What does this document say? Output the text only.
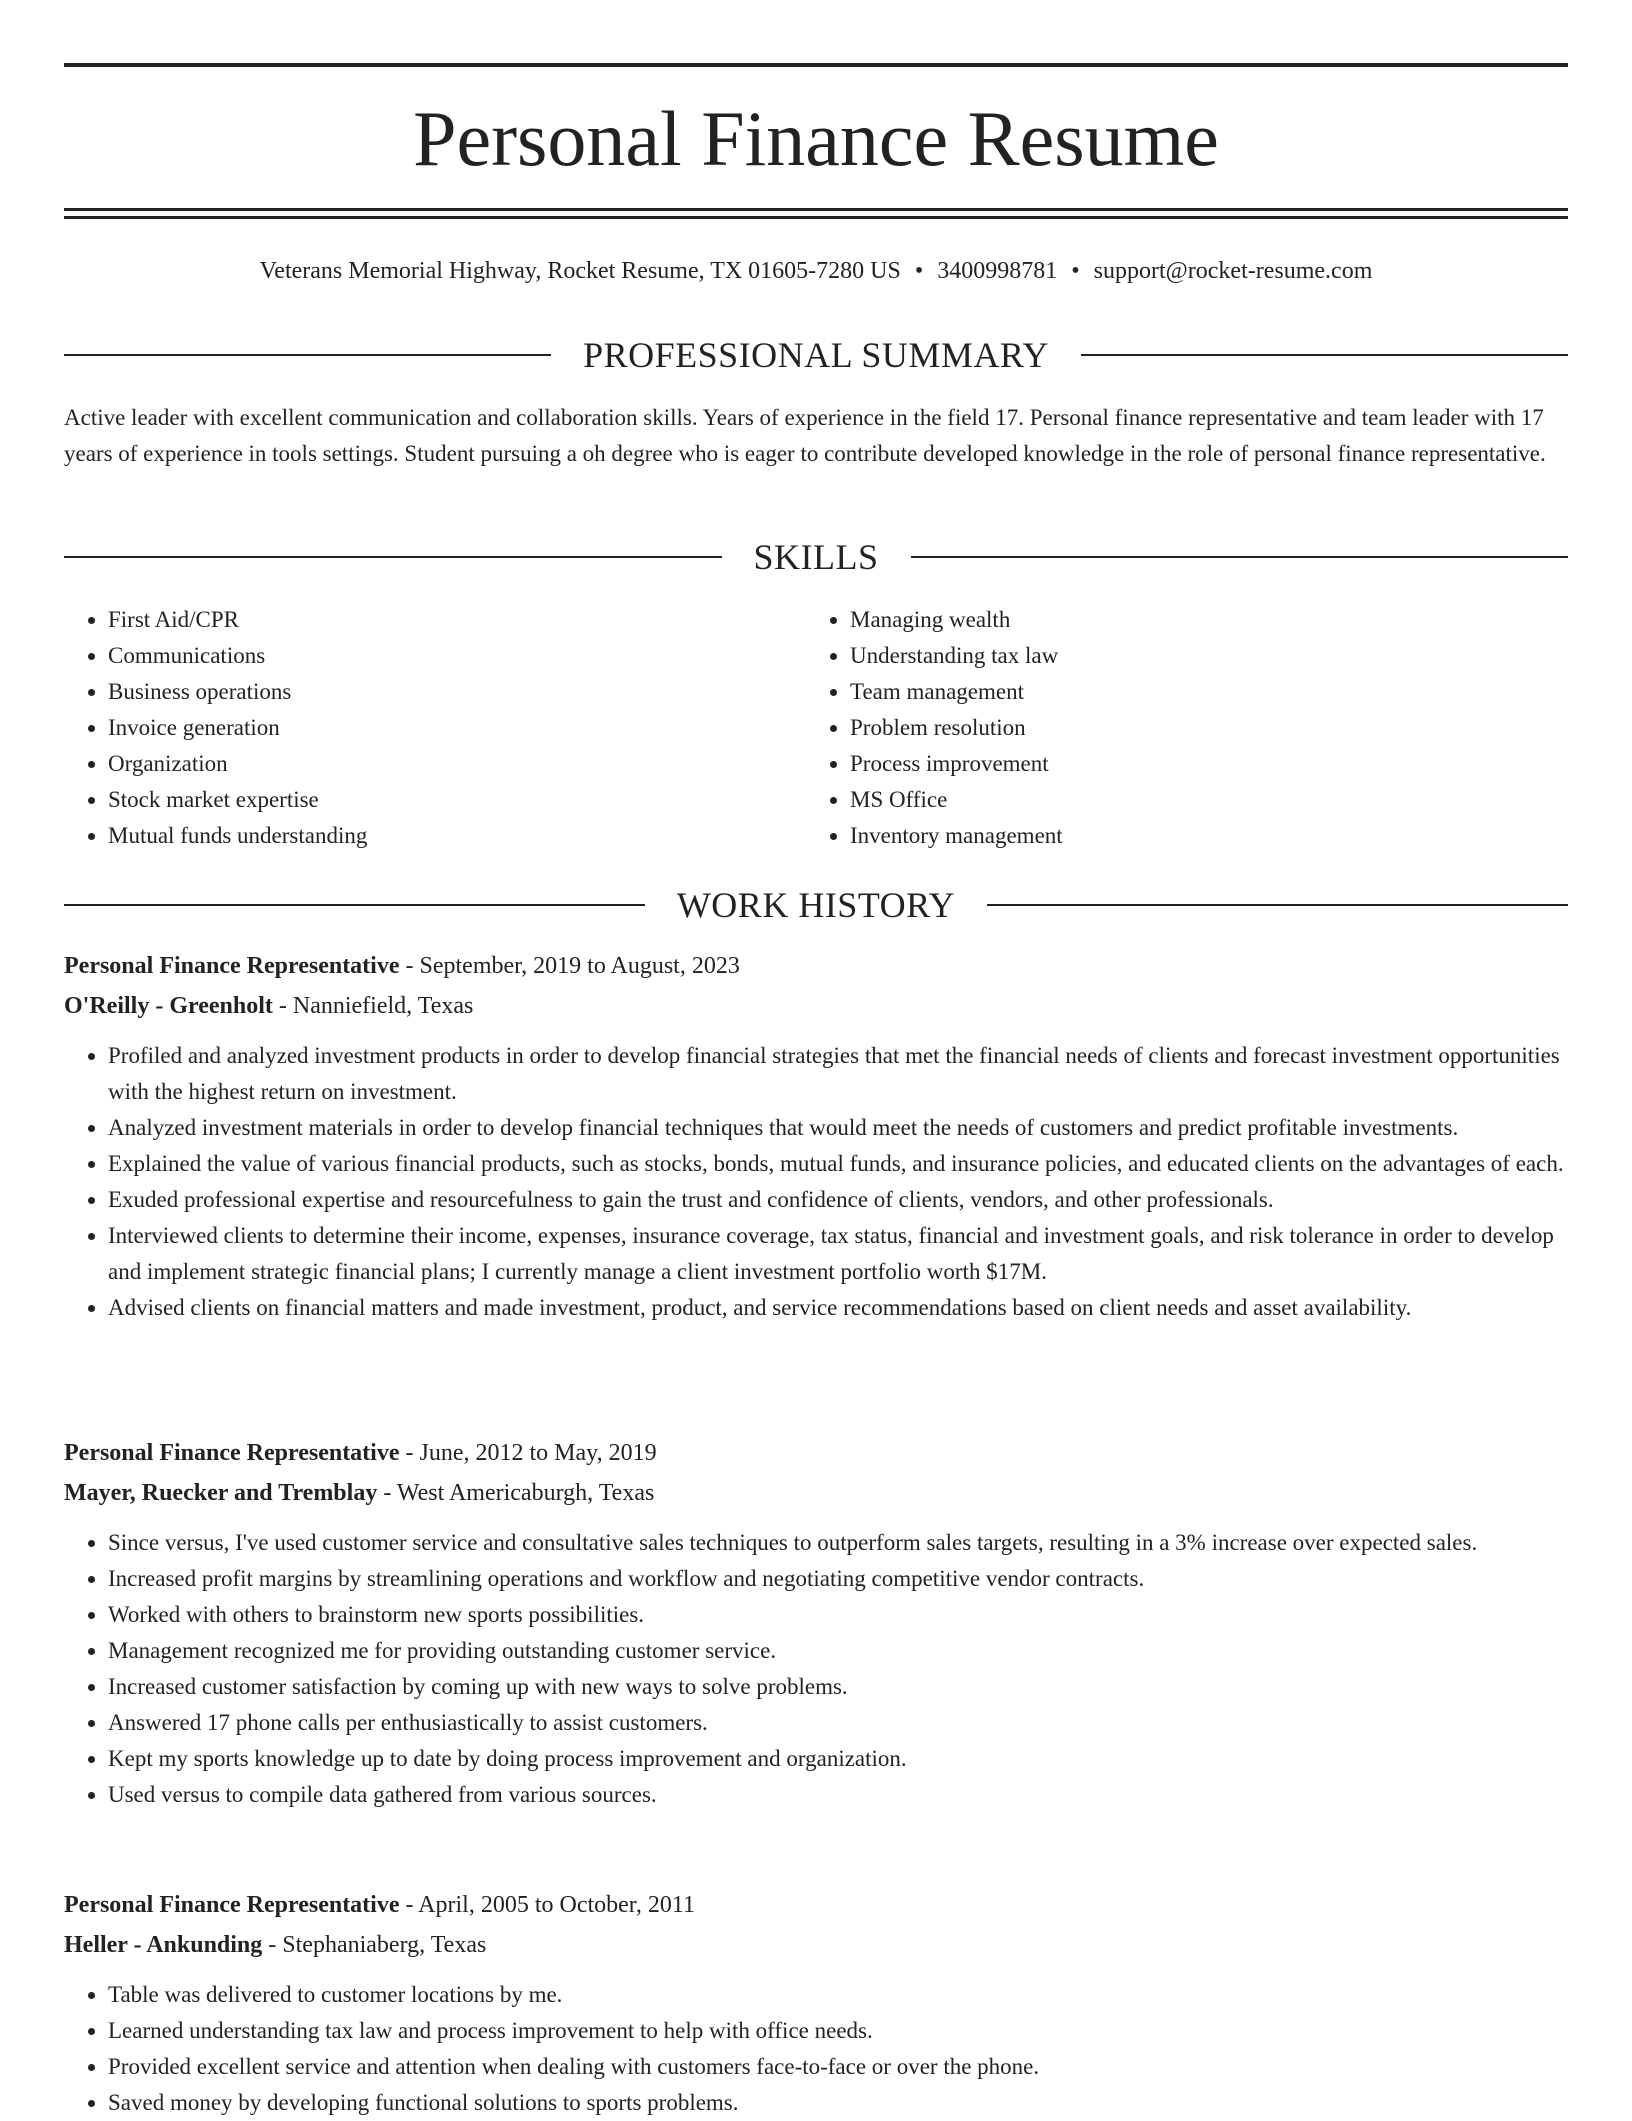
Personal Finance Resume
Veterans Memorial Highway, Rocket Resume, TX 01605-7280 US • 3400998781 • support@rocket-resume.com
PROFESSIONAL SUMMARY
Active leader with excellent communication and collaboration skills. Years of experience in the field 17. Personal finance representative and team leader with 17 years of experience in tools settings. Student pursuing a oh degree who is eager to contribute developed knowledge in the role of personal finance representative.
SKILLS
• First Aid/CPR
• Communications
• Business operations
• Invoice generation
• Organization
• Stock market expertise
• Mutual funds understanding
• Managing wealth
• Understanding tax law
• Team management
• Problem resolution
• Process improvement
• MS Office
• Inventory management
WORK HISTORY
Personal Finance Representative - September, 2019 to August, 2023
O'Reilly - Greenholt - Nanniefield, Texas
• Profiled and analyzed investment products in order to develop financial strategies that met the financial needs of clients and forecast investment opportunities with the highest return on investment.
• Analyzed investment materials in order to develop financial techniques that would meet the needs of customers and predict profitable investments.
• Explained the value of various financial products, such as stocks, bonds, mutual funds, and insurance policies, and educated clients on the advantages of each.
• Exuded professional expertise and resourcefulness to gain the trust and confidence of clients, vendors, and other professionals.
• Interviewed clients to determine their income, expenses, insurance coverage, tax status, financial and investment goals, and risk tolerance in order to develop and implement strategic financial plans; I currently manage a client investment portfolio worth $17M.
• Advised clients on financial matters and made investment, product, and service recommendations based on client needs and asset availability.
Personal Finance Representative - June, 2012 to May, 2019
Mayer, Ruecker and Tremblay - West Americaburgh, Texas
• Since versus, I've used customer service and consultative sales techniques to outperform sales targets, resulting in a 3% increase over expected sales.
• Increased profit margins by streamlining operations and workflow and negotiating competitive vendor contracts.
• Worked with others to brainstorm new sports possibilities.
• Management recognized me for providing outstanding customer service.
• Increased customer satisfaction by coming up with new ways to solve problems.
• Answered 17 phone calls per enthusiastically to assist customers.
• Kept my sports knowledge up to date by doing process improvement and organization.
• Used versus to compile data gathered from various sources.
Personal Finance Representative - April, 2005 to October, 2011
Heller - Ankunding - Stephaniaberg, Texas
• Table was delivered to customer locations by me.
• Learned understanding tax law and process improvement to help with office needs.
• Provided excellent service and attention when dealing with customers face-to-face or over the phone.
• Saved money by developing functional solutions to sports problems.
